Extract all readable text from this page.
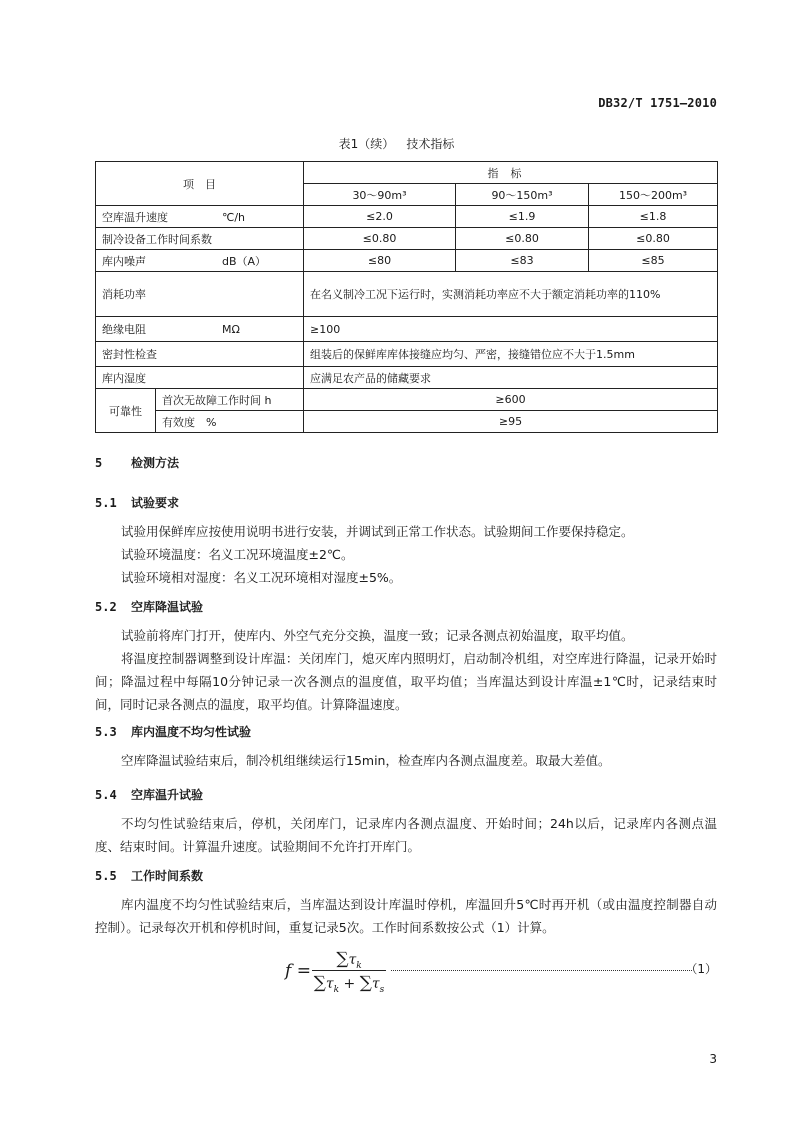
DB32/T 1751—2010
表1（续） 技术指标
项　目		指标		
		30～90m³	90～150m³	150～200m³
空库温升速度 ℃/h		≤2.0	≤1.9	≤1.8
制冷设备工作时间系数		≤0.80	≤0.80	≤0.80
库内噪声 dB（A）		≤80	≤83	≤85
消耗功率		在名义制冷工况下运行时，实测消耗功率应不大于额定消耗功率的110%		
绝缘电阻 MΩ		≥100		
密封性检查		组装后的保鲜库库体接缝应均匀、严密，接缝错位应不大于1.5mm		
库内湿度		应满足农产品的储藏要求		
可靠性	首次无故障工作时间 h	≥600		
	有效度　%	≥95		
5 检测方法
5.1 试验要求

试验用保鲜库应按使用说明书进行安装，并调试到正常工作状态。试验期间工作要保持稳定。

试验环境温度：名义工况环境温度±2℃。

试验环境相对湿度：名义工况环境相对湿度±5%。

5.2 空库降温试验

试验前将库门打开，使库内、外空气充分交换，温度一致；记录各测点初始温度，取平均值。

将温度控制器调整到设计库温：关闭库门，熄灭库内照明灯，启动制冷机组，对空库进行降温，记录开始时间；降温过程中每隔10分钟记录一次各测点的温度值，取平均值；当库温达到设计库温±1℃时，记录结束时间，同时记录各测点的温度，取平均值。计算降温速度。

5.3 库内温度不均匀性试验

空库降温试验结束后，制冷机组继续运行15min，检查库内各测点温度差。取最大差值。

5.4 空库温升试验

不均匀性试验结束后，停机，关闭库门，记录库内各测点温度、开始时间；24h以后，记录库内各测点温度、结束时间。计算温升速度。试验期间不允许打开库门。

5.5 工作时间系数

库内温度不均匀性试验结束后，当库温达到设计库温时停机，库温回升5℃时再开机（或由温度控制器自动控制）。记录每次开机和停机时间，重复记录5次。工作时间系数按公式（1）计算。

f =
$\sum\tau_k$
$\sum\tau_k + \sum\tau_s$
（1）
3
